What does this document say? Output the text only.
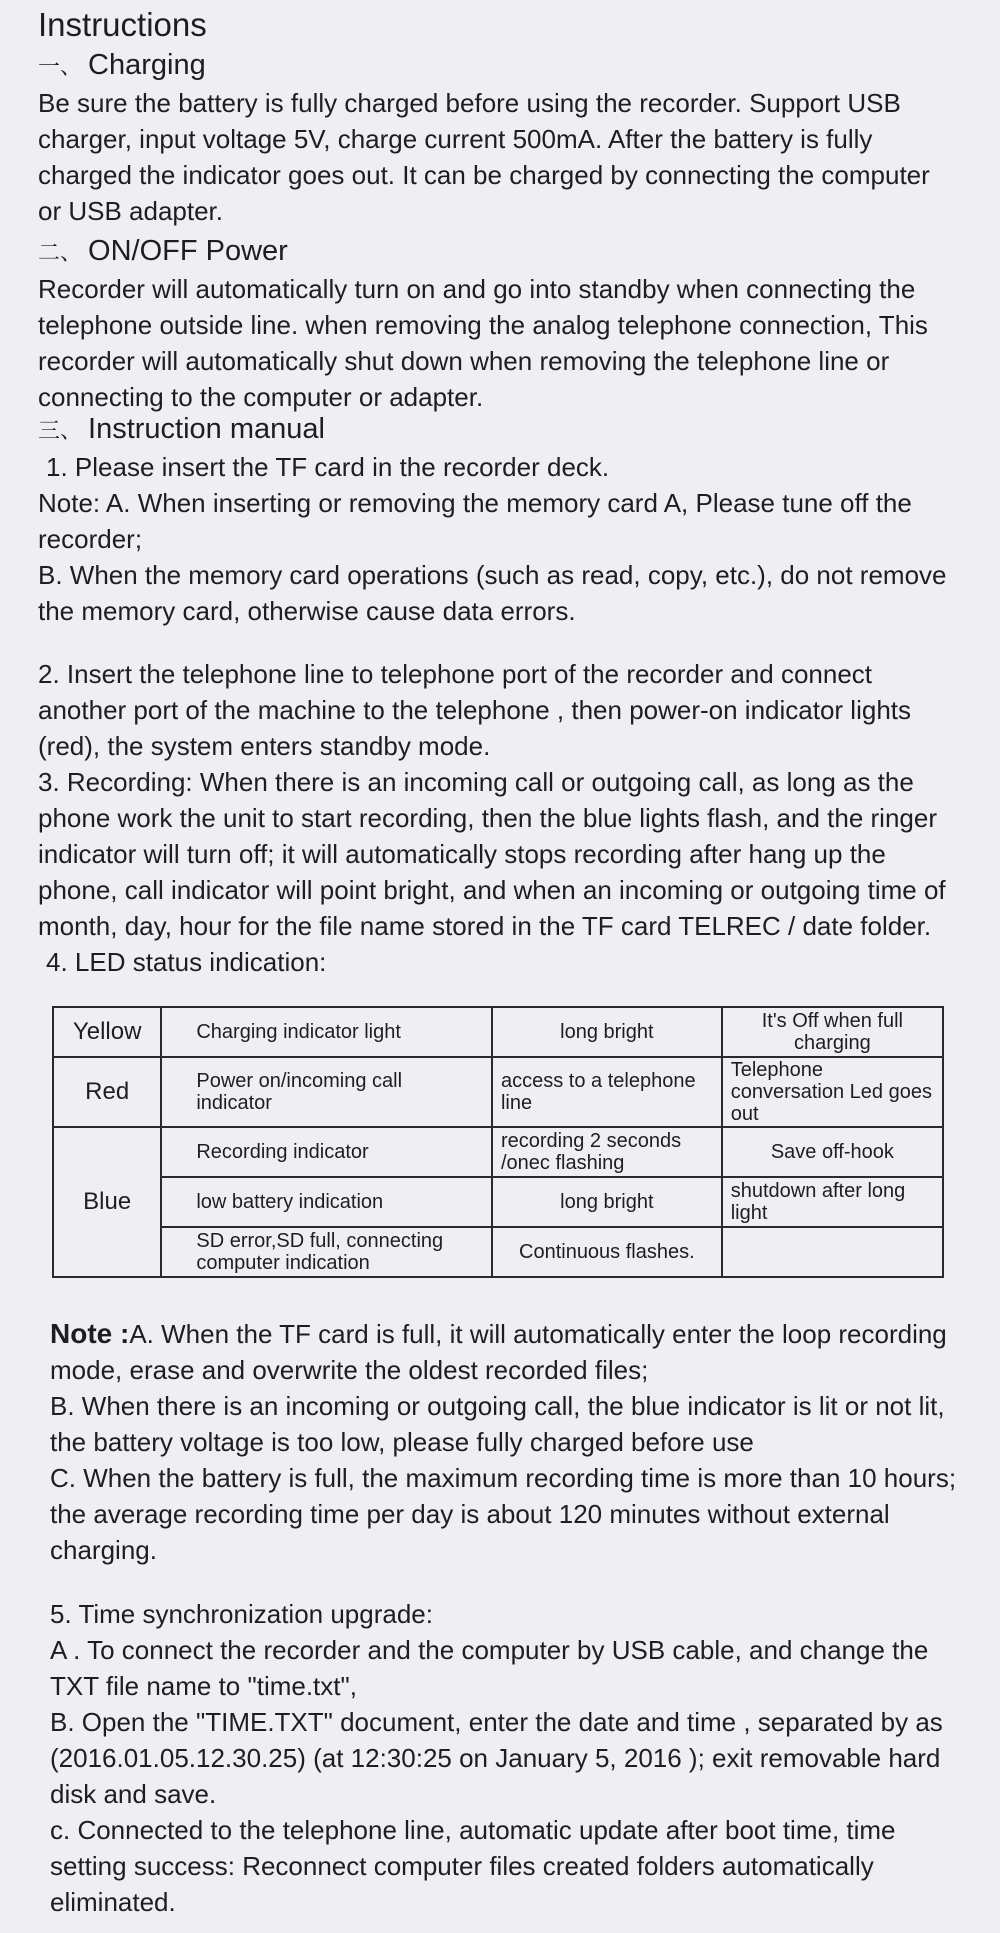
Instructions
一、 Charging
Be sure the battery is fully charged before using the recorder. Support USB charger, input voltage 5V, charge current 500mA. After the battery is fully charged the indicator goes out. It can be charged by connecting the computer or USB adapter.
二、 ON/OFF Power
Recorder will automatically turn on and go into standby when connecting the telephone outside line. when removing the analog telephone connection, This recorder will automatically shut down when removing the telephone line or connecting to the computer or adapter.
三、 Instruction manual
1. Please insert the TF card in the recorder deck.
Note: A. When inserting or removing the memory card A, Please tune off the recorder;
B. When the memory card operations (such as read, copy, etc.), do not remove the memory card, otherwise cause data errors.
2. Insert the telephone line to telephone port of the recorder and connect another port of the machine to the telephone , then power-on indicator lights (red), the system enters standby mode.
3. Recording: When there is an incoming call or outgoing call, as long as the phone work the unit to start recording, then the blue lights flash, and the ringer indicator will turn off; it will automatically stops recording after hang up the phone, call indicator will point bright, and when an incoming or outgoing time of month, day, hour for the file name stored in the TF card TELREC / date folder.
4. LED status indication:
Yellow	Charging indicator light	long bright	It's Off when full charging
Red	Power on/incoming call indicator	access to a telephone line	Telephone conversation Led goes out
Blue	Recording indicator	recording 2 seconds /onec flashing	Save off-hook
	low battery indication	long bright	shutdown after long light
	SD error,SD full, connecting computer indication	Continuous flashes.	
Note :A. When the TF card is full, it will automatically enter the loop recording mode, erase and overwrite the oldest recorded files;
B. When there is an incoming or outgoing call, the blue indicator is lit or not lit, the battery voltage is too low, please fully charged before use
C. When the battery is full, the maximum recording time is more than 10 hours; the average recording time per day is about 120 minutes without external charging.
5. Time synchronization upgrade:
A . To connect the recorder and the computer by USB cable, and change the TXT file name to "time.txt",
B. Open the "TIME.TXT" document, enter the date and time , separated by as (2016.01.05.12.30.25) (at 12:30:25 on January 5, 2016 ); exit removable hard disk and save.
c. Connected to the telephone line, automatic update after boot time, time setting success: Reconnect computer files created folders automatically eliminated.
